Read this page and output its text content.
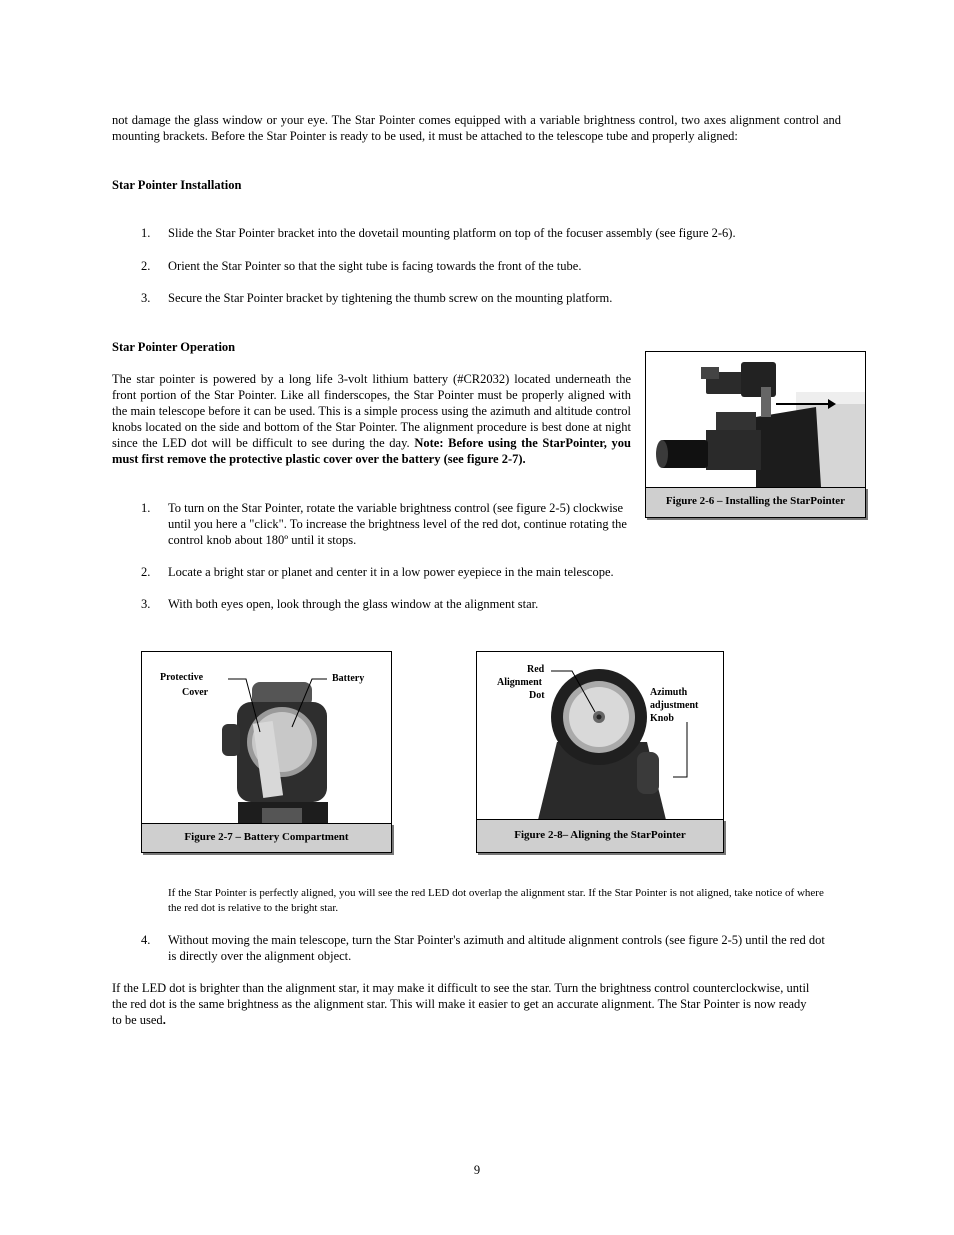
not damage the glass window or your eye. The Star Pointer comes equipped with a variable brightness control, two axes alignment control and mounting brackets. Before the Star Pointer is ready to be used, it must be attached to the telescope tube and properly aligned:

Star Pointer Installation
1. Slide the Star Pointer bracket into the dovetail mounting platform on top of the focuser assembly (see figure 2-6).
2. Orient the Star Pointer so that the sight tube is facing towards the front of the tube.
3. Secure the Star Pointer bracket by tightening the thumb screw on the mounting platform.
Star Pointer Operation

The star pointer is powered by a long life 3-volt lithium battery (#CR2032) located underneath the front portion of the Star Pointer. Like all finderscopes, the Star Pointer must be properly aligned with the main telescope before it can be used. This is a simple process using the azimuth and altitude control knobs located on the side and bottom of the Star Pointer. The alignment procedure is best done at night since the LED dot will be difficult to see during the day. Note: Before using the StarPointer, you must first remove the protective plastic cover over the battery (see figure 2-7).

Figure 2-6 – Installing the StarPointer
1. To turn on the Star Pointer, rotate the variable brightness control (see figure 2-5) clockwise until you here a "click". To increase the brightness level of the red dot, continue rotating the control knob about 180º until it stops.
2. Locate a bright star or planet and center it in a low power eyepiece in the main telescope.
3. With both eyes open, look through the glass window at the alignment star.
Protective
Cover
Battery
Figure 2-7 – Battery Compartment
Red
Alignment
Dot	Azimuth
adjustment
Knob
Figure 2-8– Aligning the StarPointer

If the Star Pointer is perfectly aligned, you will see the red LED dot overlap the alignment star. If the Star Pointer is not aligned, take notice of where the red dot is relative to the bright star.

4. Without moving the main telescope, turn the Star Pointer's azimuth and altitude alignment controls (see figure 2-5) until the red dot is directly over the alignment object.

If the LED dot is brighter than the alignment star, it may make it difficult to see the star. Turn the brightness control counterclockwise, until the red dot is the same brightness as the alignment star. This will make it easier to get an accurate alignment. The Star Pointer is now ready to be used.

9
